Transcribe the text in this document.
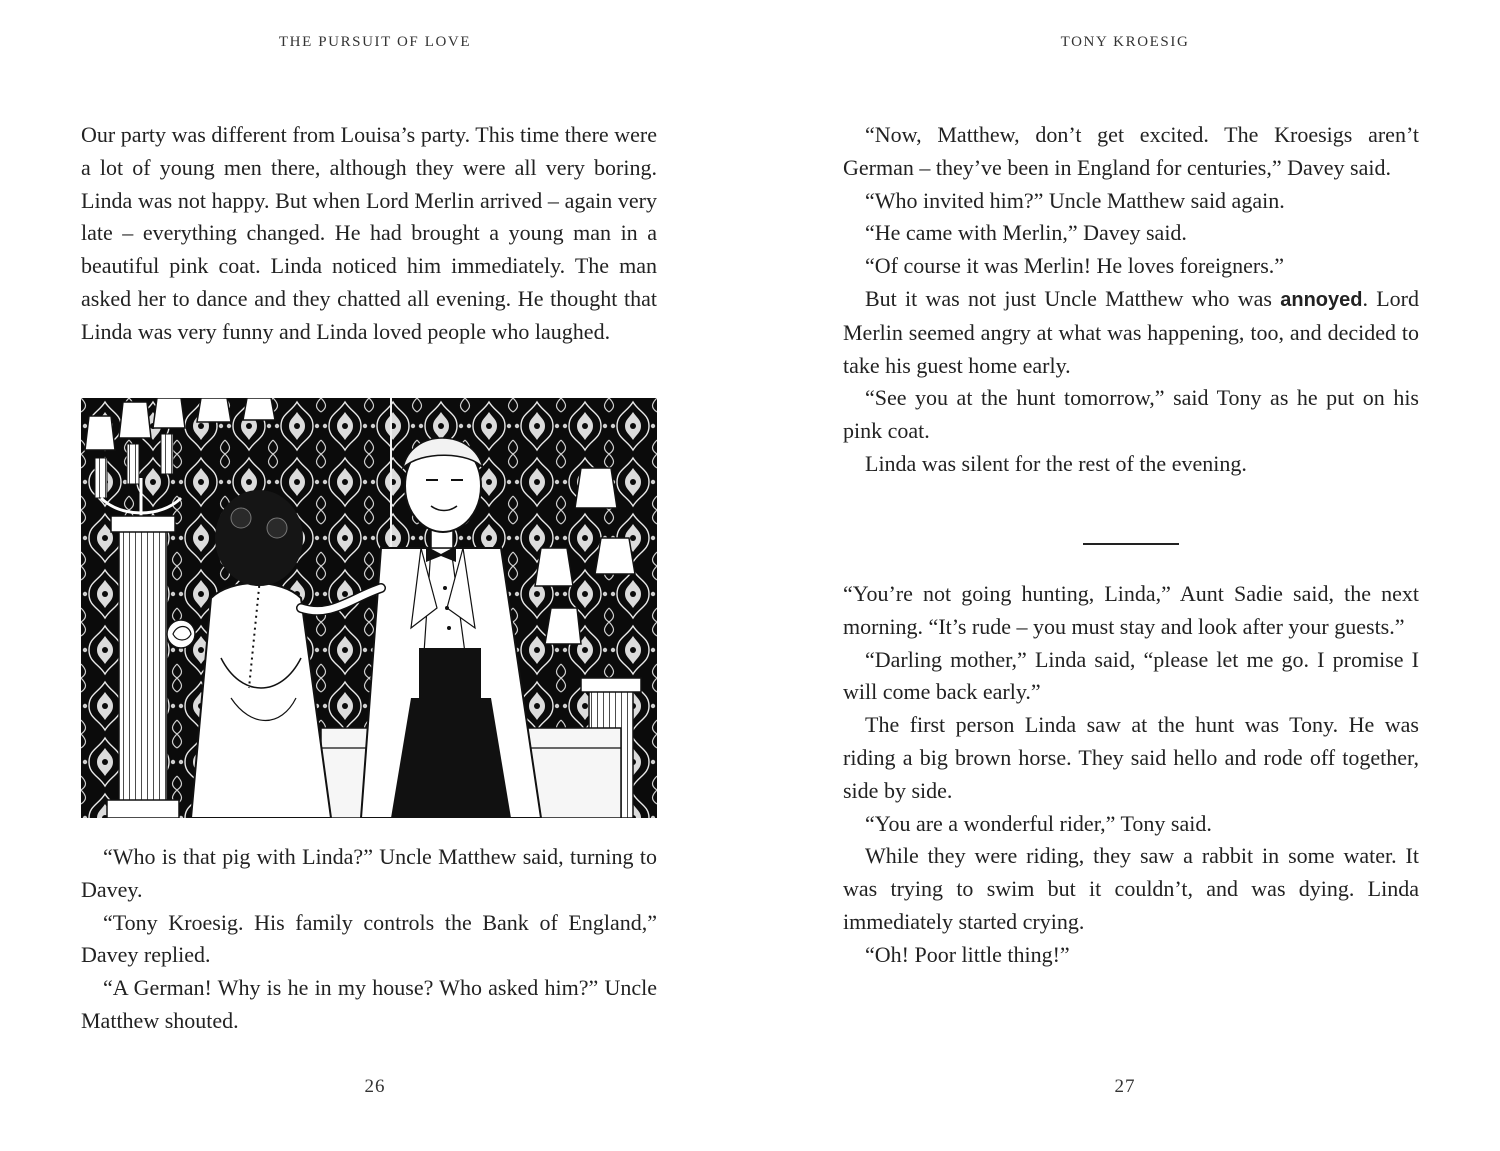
THE PURSUIT OF LOVE

Our party was different from Louisa’s party. This time there were a lot of young men there, although they were all very boring. Linda was not happy. But when Lord Merlin arrived – again very late – everything changed. He had brought a young man in a beautiful pink coat. Linda noticed him immediately. The man asked her to dance and they chatted all evening. He thought that Linda was very funny and Linda loved people who laughed.

“Who is that pig with Linda?” Uncle Matthew said, turning to Davey.

“Tony Kroesig. His family controls the Bank of England,” Davey replied.

“A German! Why is he in my house? Who asked him?” Uncle Matthew shouted.

26
TONY KROESIG

“Now, Matthew, don’t get excited. The Kroesigs aren’t German – they’ve been in England for centuries,” Davey said.

“Who invited him?” Uncle Matthew said again.

“He came with Merlin,” Davey said.

“Of course it was Merlin! He loves foreigners.”

But it was not just Uncle Matthew who was annoyed. Lord Merlin seemed angry at what was happening, too, and decided to take his guest home early.

“See you at the hunt tomorrow,” said Tony as he put on his pink coat.

Linda was silent for the rest of the evening.

“You’re not going hunting, Linda,” Aunt Sadie said, the next morning. “It’s rude – you must stay and look after your guests.”

“Darling mother,” Linda said, “please let me go. I promise I will come back early.”

The first person Linda saw at the hunt was Tony. He was riding a big brown horse. They said hello and rode off together, side by side.

“You are a wonderful rider,” Tony said.

While they were riding, they saw a rabbit in some water. It was trying to swim but it couldn’t, and was dying. Linda immediately started crying.

“Oh! Poor little thing!”

27
